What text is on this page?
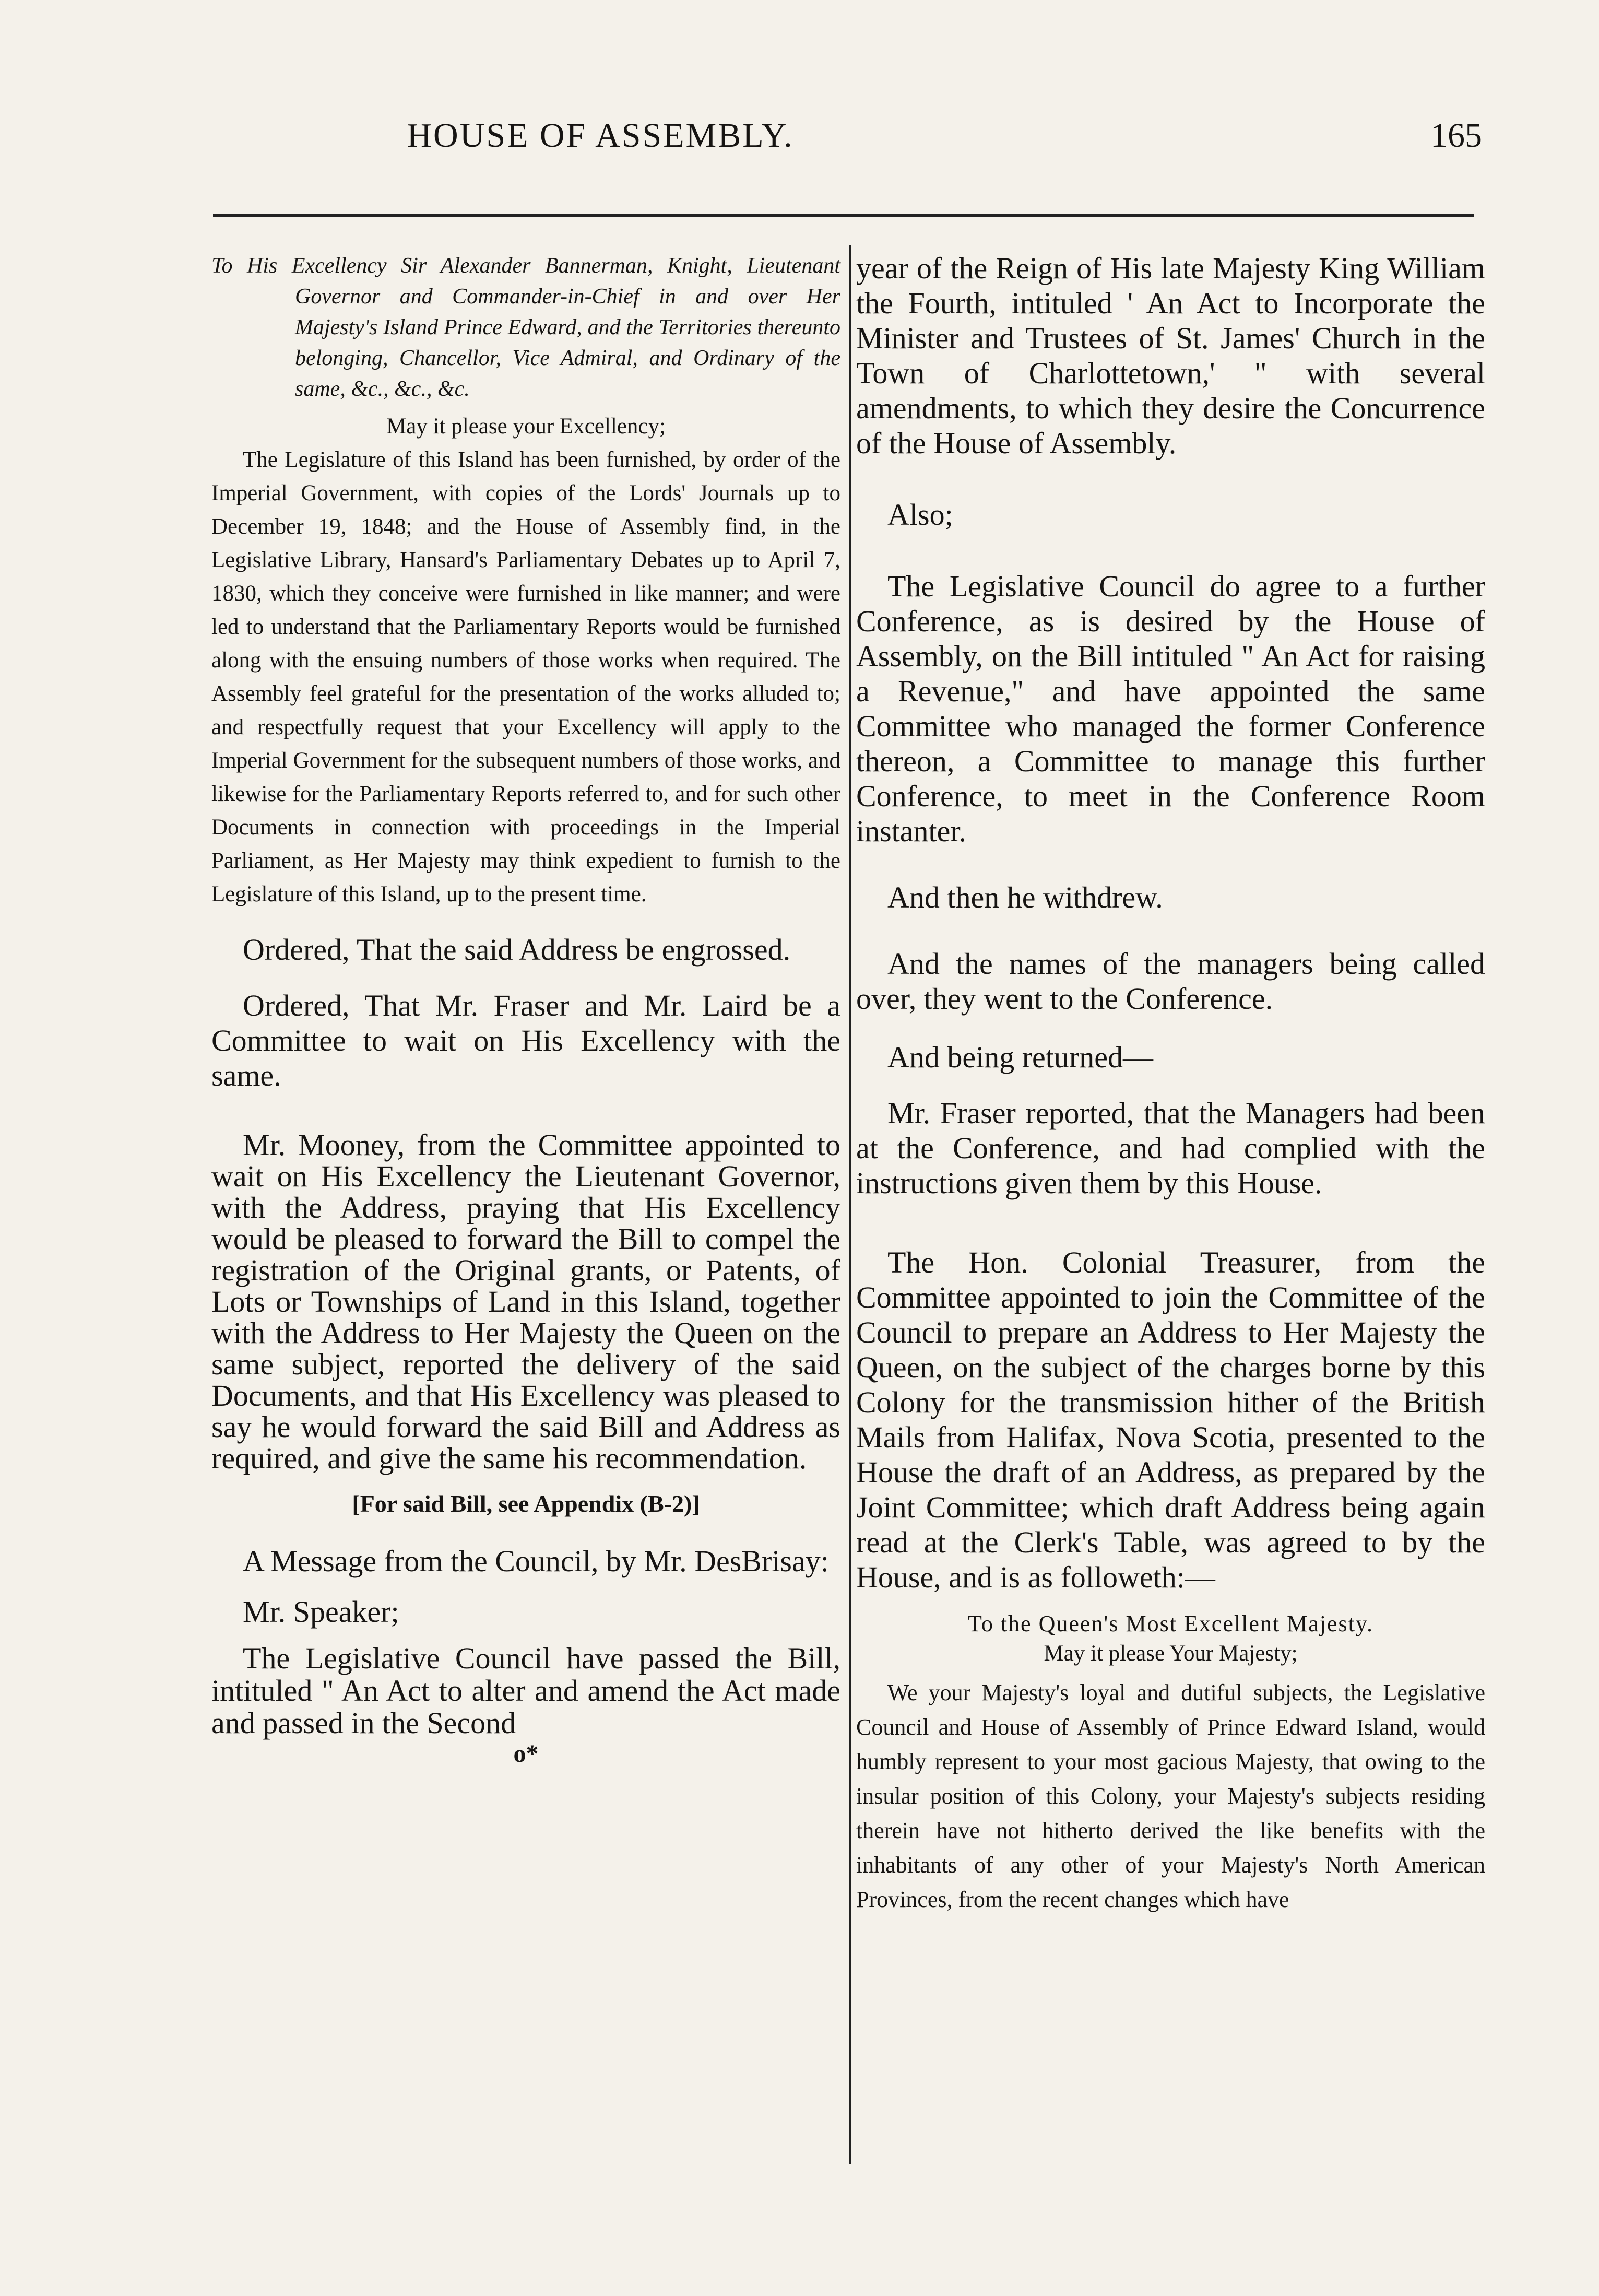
HOUSE OF ASSEMBLY.	165

To His Excellency Sir Alexander Bannerman, Knight, Lieutenant Governor and Commander-in-Chief in and over Her Majesty's Island Prince Edward, and the Territories thereunto belonging, Chancellor, Vice Admiral, and Ordinary of the same, &c., &c., &c.

May it please your Excellency;

The Legislature of this Island has been furnished, by order of the Imperial Government, with copies of the Lords' Journals up to December 19, 1848; and the House of Assembly find, in the Legislative Library, Hansard's Parliamentary Debates up to April 7, 1830, which they conceive were furnished in like manner; and were led to understand that the Parliamentary Reports would be furnished along with the ensuing numbers of those works when required. The Assembly feel grateful for the presentation of the works alluded to; and respectfully request that your Excellency will apply to the Imperial Government for the subsequent numbers of those works, and likewise for the Parliamentary Reports referred to, and for such other Documents in connection with proceedings in the Imperial Parliament, as Her Majesty may think expedient to furnish to the Legislature of this Island, up to the present time.

Ordered, That the said Address be engrossed.

Ordered, That Mr. Fraser and Mr. Laird be a Committee to wait on His Excellency with the same.

Mr. Mooney, from the Committee appointed to wait on His Excellency the Lieutenant Governor, with the Address, praying that His Excellency would be pleased to forward the Bill to compel the registration of the Original grants, or Patents, of Lots or Townships of Land in this Island, together with the Address to Her Majesty the Queen on the same subject, reported the delivery of the said Documents, and that His Excellency was pleased to say he would forward the said Bill and Address as required, and give the same his recommendation.

[For said Bill, see Appendix (B-2)]

A Message from the Council, by Mr. DesBrisay:

Mr. Speaker;

The Legislative Council have passed the Bill, intituled " An Act to alter and amend the Act made and passed in the Second

o*

year of the Reign of His late Majesty King William the Fourth, intituled ' An Act to Incorporate the Minister and Trustees of St. James' Church in the Town of Charlottetown,' " with several amendments, to which they desire the Concurrence of the House of Assembly.

Also;

The Legislative Council do agree to a further Conference, as is desired by the House of Assembly, on the Bill intituled " An Act for raising a Revenue," and have appointed the same Committee who managed the former Conference thereon, a Committee to manage this further Conference, to meet in the Conference Room instanter.

And then he withdrew.

And the names of the managers being called over, they went to the Conference.

And being returned—

Mr. Fraser reported, that the Managers had been at the Conference, and had complied with the instructions given them by this House.

The Hon. Colonial Treasurer, from the Committee appointed to join the Committee of the Council to prepare an Address to Her Majesty the Queen, on the subject of the charges borne by this Colony for the transmission hither of the British Mails from Halifax, Nova Scotia, presented to the House the draft of an Address, as prepared by the Joint Committee; which draft Address being again read at the Clerk's Table, was agreed to by the House, and is as followeth:—

To the Queen's Most Excellent Majesty.

May it please Your Majesty;

We your Majesty's loyal and dutiful subjects, the Legislative Council and House of Assembly of Prince Edward Island, would humbly represent to your most gacious Majesty, that owing to the insular position of this Colony, your Majesty's subjects residing therein have not hitherto derived the like benefits with the inhabitants of any other of your Majesty's North American Provinces, from the recent changes which have
